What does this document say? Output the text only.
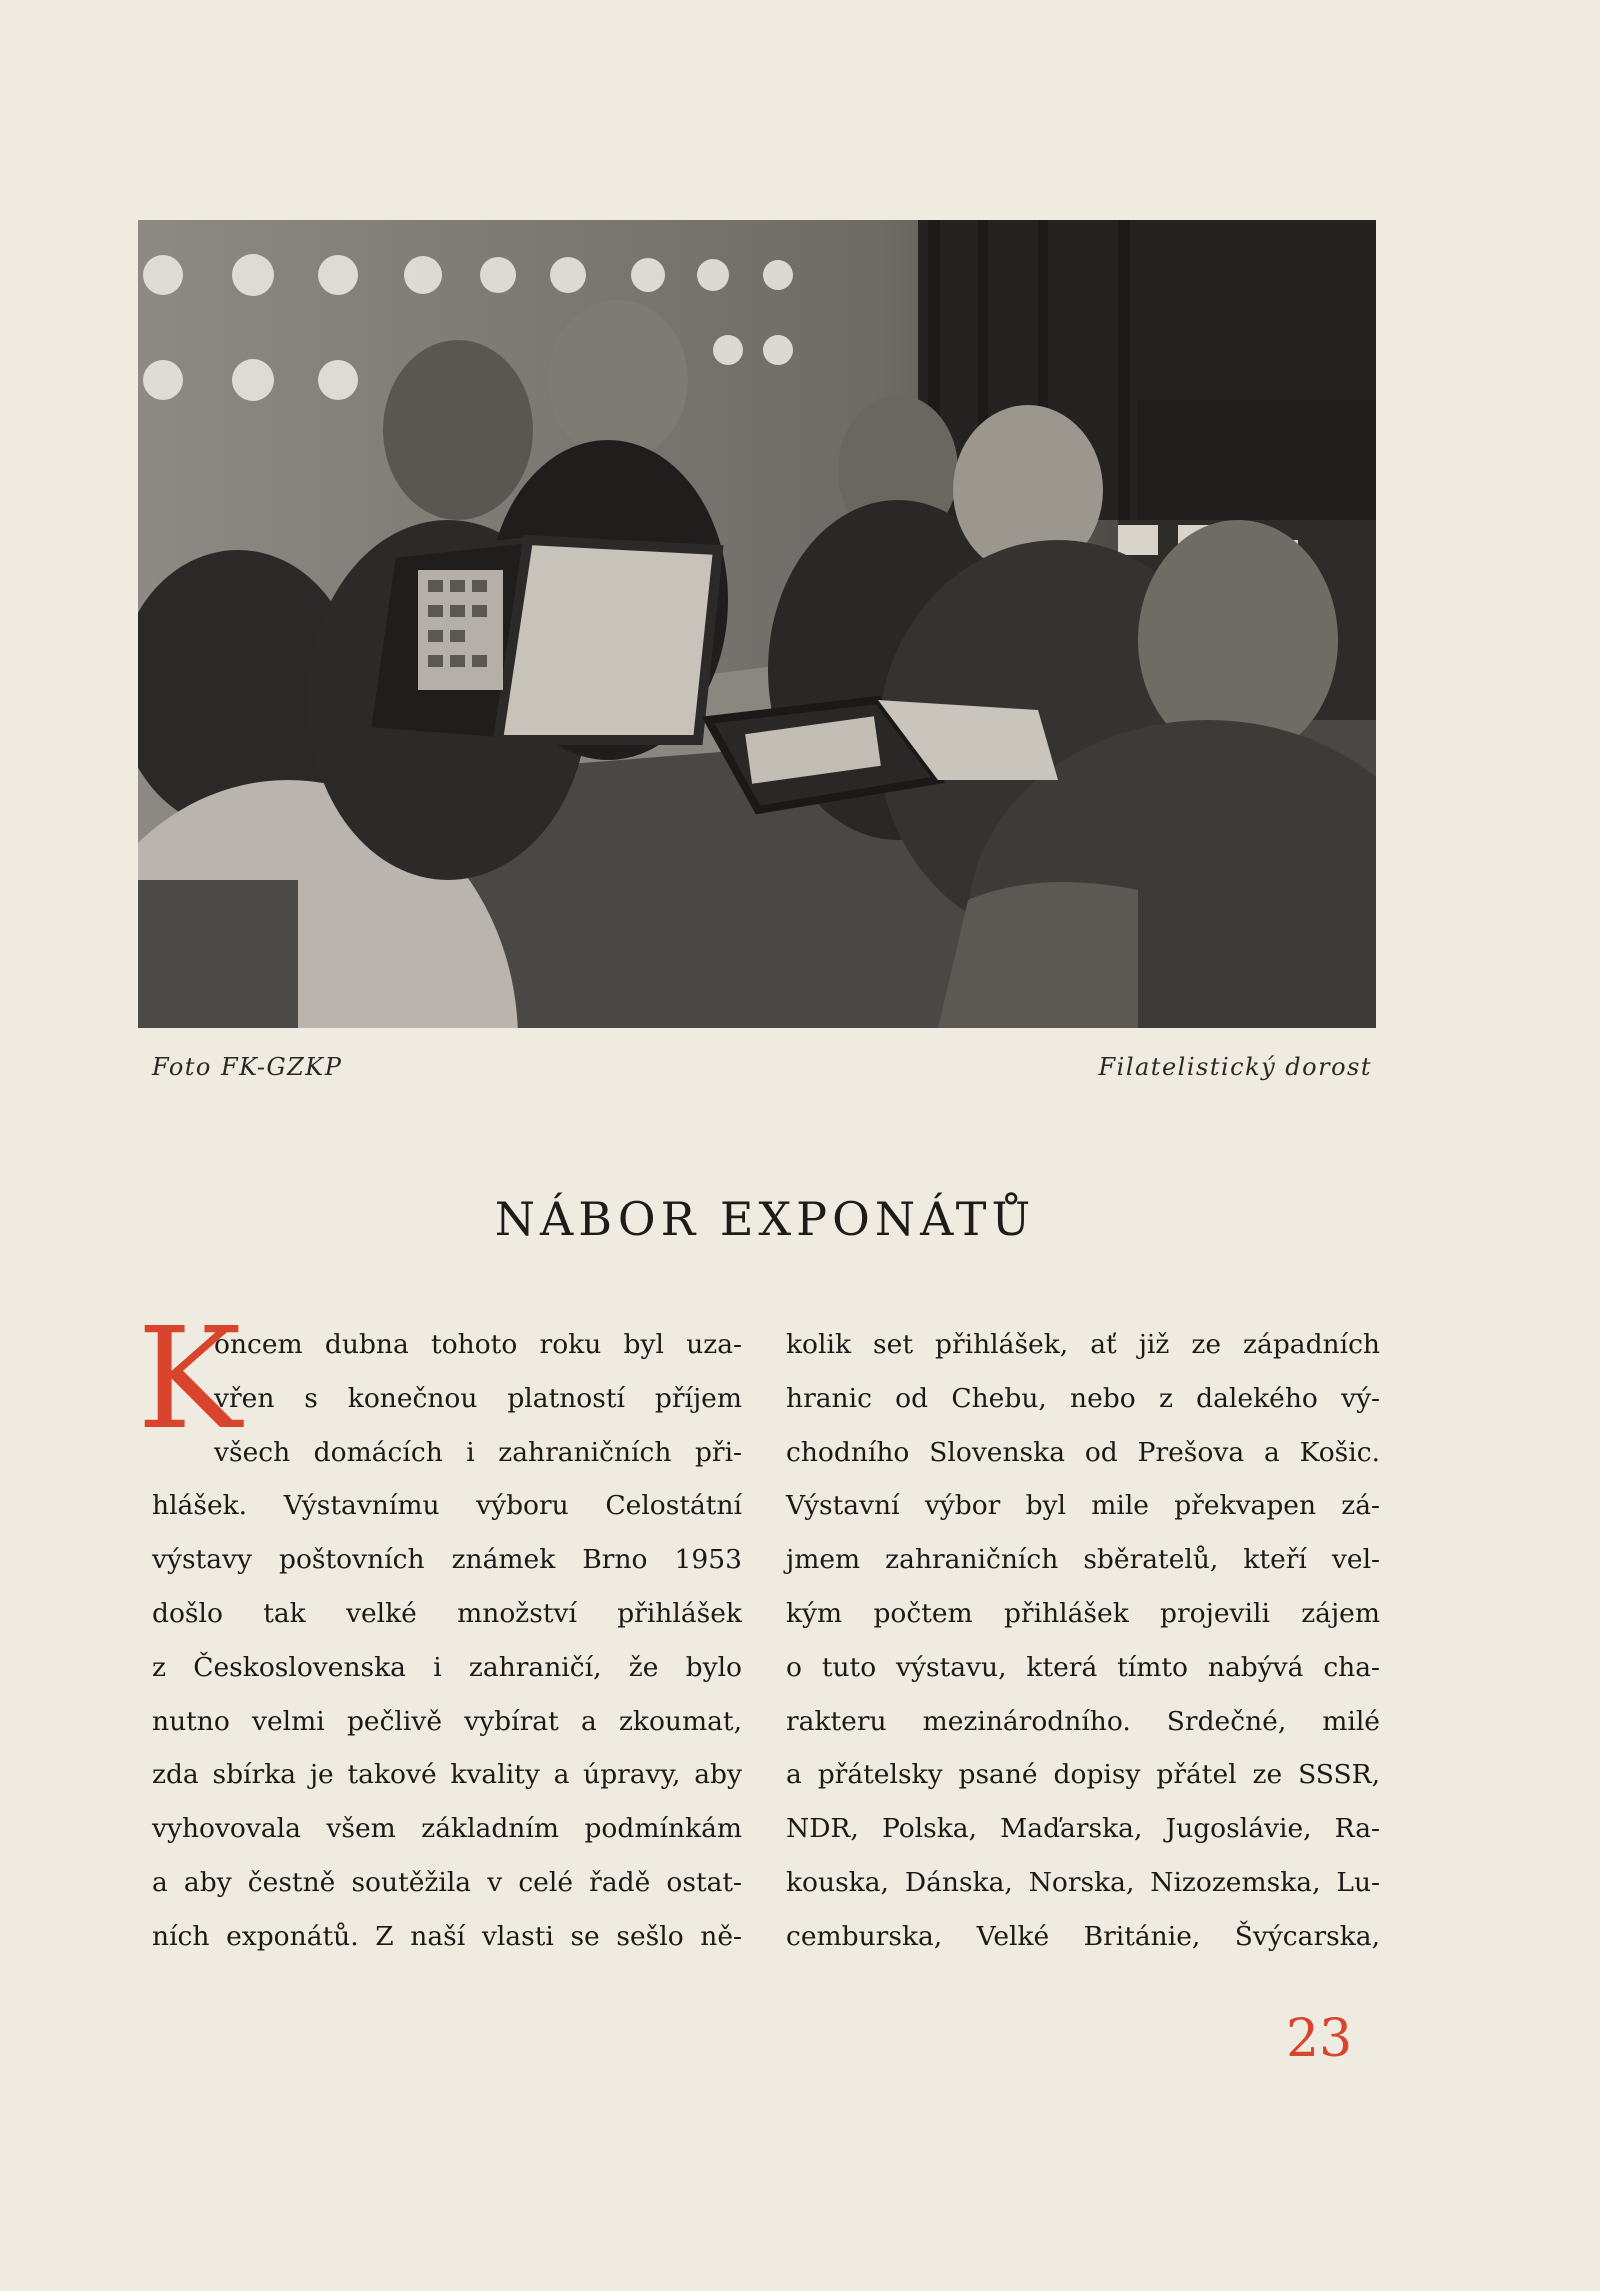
Foto FK-GZKP	Filatelistický dorost
NÁBOR EXPONÁTŮ
K
oncem dubna tohoto roku byl uza-
vřen s konečnou platností příjem
všech domácích i zahraničních při-
hlášek. Výstavnímu výboru Celostátní
výstavy poštovních známek Brno 1953
došlo tak velké množství přihlášek
z Československa i zahraničí, že bylo
nutno velmi pečlivě vybírat a zkoumat,
zda sbírka je takové kvality a úpravy, aby
vyhovovala všem základním podmínkám
a aby čestně soutěžila v celé řadě ostat-
ních exponátů. Z naší vlasti se sešlo ně-
kolik set přihlášek, ať již ze západních
hranic od Chebu, nebo z dalekého vý-
chodního Slovenska od Prešova a Košic.
Výstavní výbor byl mile překvapen zá-
jmem zahraničních sběratelů, kteří vel-
kým počtem přihlášek projevili zájem
o tuto výstavu, která tímto nabývá cha-
rakteru mezinárodního. Srdečné, milé
a přátelsky psané dopisy přátel ze SSSR,
NDR, Polska, Maďarska, Jugoslávie, Ra-
kouska, Dánska, Norska, Nizozemska, Lu-
cemburska, Velké Británie, Švýcarska,
23
